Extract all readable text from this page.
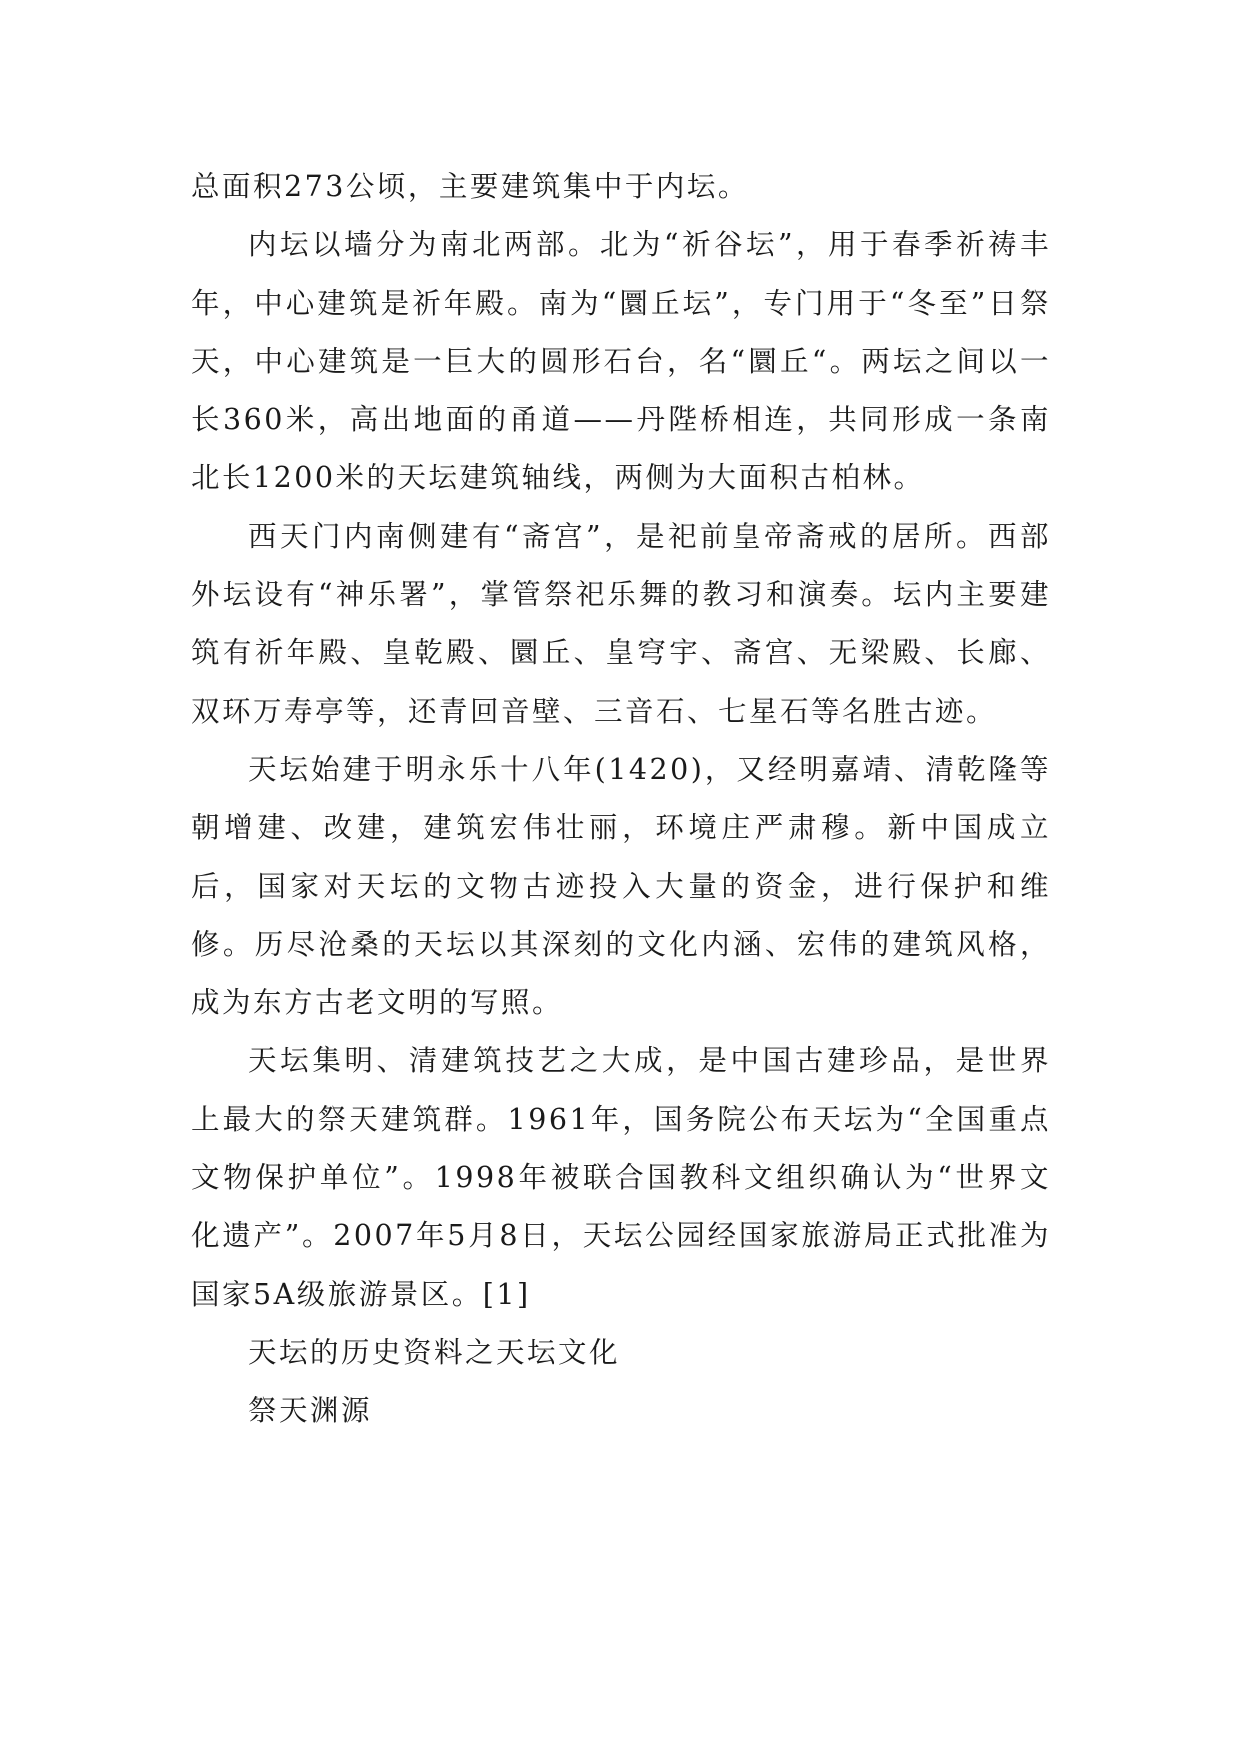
总面积273公顷，主要建筑集中于内坛。

内坛以墙分为南北两部。北为“祈谷坛”，用于春季祈祷丰年，中心建筑是祈年殿。南为“圜丘坛”，专门用于“冬至”日祭天，中心建筑是一巨大的圆形石台，名“圜丘“。两坛之间以一长360米，高出地面的甬道——丹陛桥相连，共同形成一条南北长1200米的天坛建筑轴线，两侧为大面积古柏林。

西天门内南侧建有“斋宫”，是祀前皇帝斋戒的居所。西部外坛设有“神乐署”，掌管祭祀乐舞的教习和演奏。坛内主要建筑有祈年殿、皇乾殿、圜丘、皇穹宇、斋宫、无梁殿、长廊、双环万寿亭等，还青回音壁、三音石、七星石等名胜古迹。

天坛始建于明永乐十八年(1420)，又经明嘉靖、清乾隆等朝增建、改建，建筑宏伟壮丽，环境庄严肃穆。新中国成立后，国家对天坛的文物古迹投入大量的资金，进行保护和维修。历尽沧桑的天坛以其深刻的文化内涵、宏伟的建筑风格，成为东方古老文明的写照。

天坛集明、清建筑技艺之大成，是中国古建珍品，是世界上最大的祭天建筑群。1961年，国务院公布天坛为“全国重点文物保护单位”。1998年被联合国教科文组织确认为“世界文化遗产”。2007年5月8日，天坛公园经国家旅游局正式批准为国家5A级旅游景区。[1]

天坛的历史资料之天坛文化

祭天渊源
